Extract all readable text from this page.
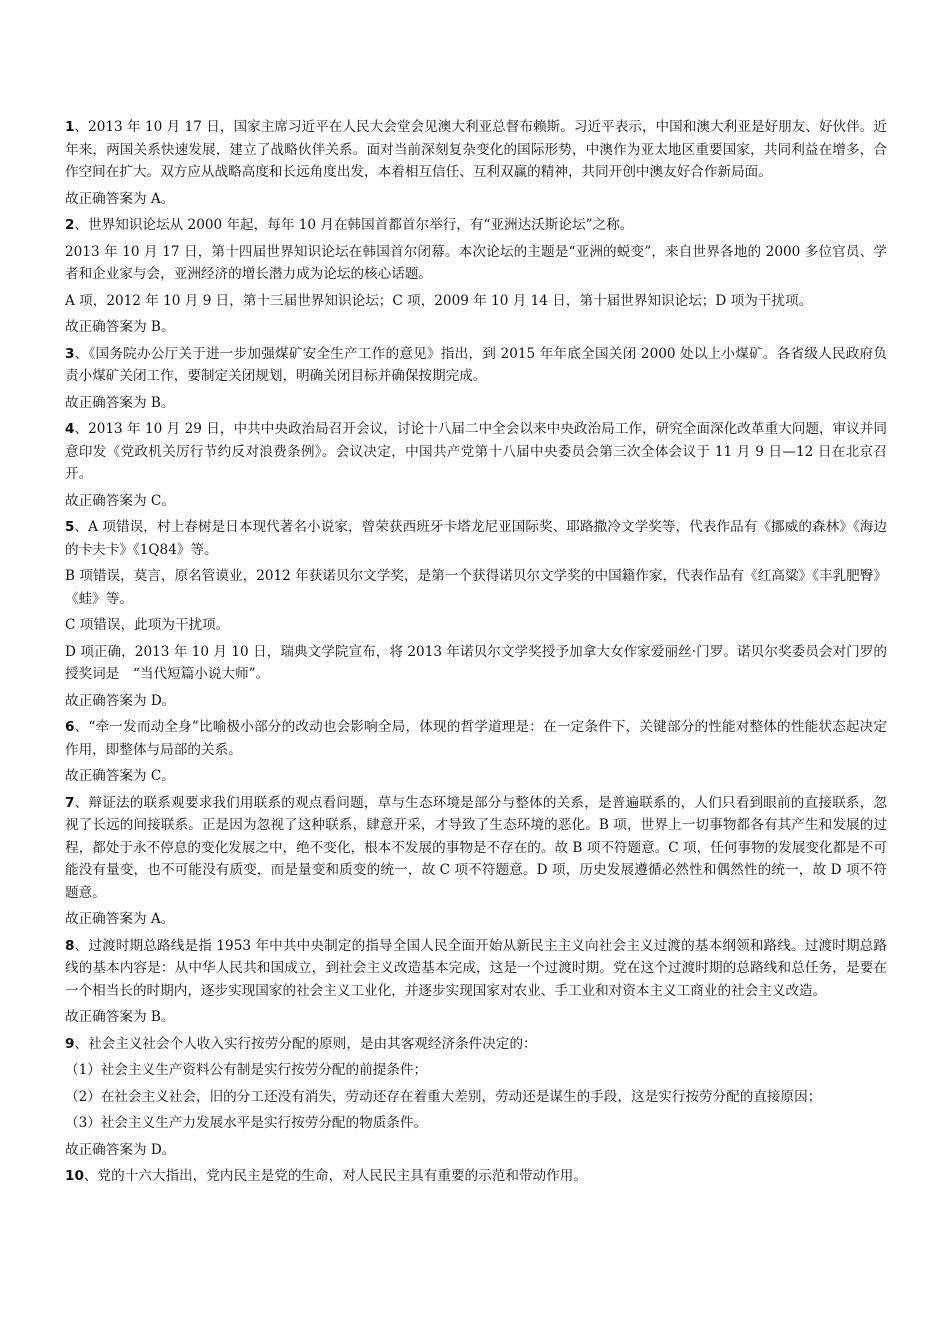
1、2013 年 10 月 17 日，国家主席习近平在人民大会堂会见澳大利亚总督布赖斯。习近平表示，中国和澳大利亚是好朋友、好伙伴。近年来，两国关系快速发展，建立了战略伙伴关系。面对当前深刻复杂变化的国际形势，中澳作为亚太地区重要国家，共同利益在增多，合作空间在扩大。双方应从战略高度和长远角度出发，本着相互信任、互利双赢的精神，共同开创中澳友好合作新局面。

故正确答案为 A。

2、世界知识论坛从 2000 年起，每年 10 月在韩国首都首尔举行，有“亚洲达沃斯论坛”之称。

2013 年 10 月 17 日，第十四届世界知识论坛在韩国首尔闭幕。本次论坛的主题是“亚洲的蜕变”，来自世界各地的 2000 多位官员、学者和企业家与会，亚洲经济的增长潜力成为论坛的核心话题。

A 项，2012 年 10 月 9 日，第十三届世界知识论坛；C 项，2009 年 10 月 14 日，第十届世界知识论坛；D 项为干扰项。

故正确答案为 B。

3、《国务院办公厅关于进一步加强煤矿安全生产工作的意见》指出，到 2015 年年底全国关闭 2000 处以上小煤矿。各省级人民政府负责小煤矿关闭工作，要制定关闭规划，明确关闭目标并确保按期完成。

故正确答案为 B。

4、2013 年 10 月 29 日，中共中央政治局召开会议，讨论十八届二中全会以来中央政治局工作，研究全面深化改革重大问题，审议并同意印发《党政机关厉行节约反对浪费条例》。会议决定，中国共产党第十八届中央委员会第三次全体会议于 11 月 9 日—12 日在北京召开。

故正确答案为 C。

5、A 项错误，村上春树是日本现代著名小说家，曾荣获西班牙卡塔龙尼亚国际奖、耶路撒冷文学奖等，代表作品有《挪威的森林》《海边的卡夫卡》《1Q84》等。

B 项错误，莫言，原名管谟业，2012 年获诺贝尔文学奖，是第一个获得诺贝尔文学奖的中国籍作家，代表作品有《红高粱》《丰乳肥臀》《蛙》等。

C 项错误，此项为干扰项。

D 项正确，2013 年 10 月 10 日，瑞典文学院宣布，将 2013 年诺贝尔文学奖授予加拿大女作家爱丽丝·门罗。诺贝尔奖委员会对门罗的授奖词是　“当代短篇小说大师”。

故正确答案为 D。

6、“牵一发而动全身”比喻极小部分的改动也会影响全局，体现的哲学道理是：在一定条件下，关键部分的性能对整体的性能状态起决定作用，即整体与局部的关系。

故正确答案为 C。

7、辩证法的联系观要求我们用联系的观点看问题，草与生态环境是部分与整体的关系，是普遍联系的，人们只看到眼前的直接联系，忽视了长远的间接联系。正是因为忽视了这种联系，肆意开采，才导致了生态环境的恶化。B 项，世界上一切事物都各有其产生和发展的过程，都处于永不停息的变化发展之中，绝不变化，根本不发展的事物是不存在的。故 B 项不符题意。C 项，任何事物的发展变化都是不可能没有量变，也不可能没有质变，而是量变和质变的统一，故 C 项不符题意。D 项，历史发展遵循必然性和偶然性的统一，故 D 项不符题意。

故正确答案为 A。

8、过渡时期总路线是指 1953 年中共中央制定的指导全国人民全面开始从新民主主义向社会主义过渡的基本纲领和路线。过渡时期总路线的基本内容是：从中华人民共和国成立，到社会主义改造基本完成，这是一个过渡时期。党在这个过渡时期的总路线和总任务，是要在一个相当长的时期内，逐步实现国家的社会主义工业化，并逐步实现国家对农业、手工业和对资本主义工商业的社会主义改造。

故正确答案为 B。

9、社会主义社会个人收入实行按劳分配的原则，是由其客观经济条件决定的：

（1）社会主义生产资料公有制是实行按劳分配的前提条件；

（2）在社会主义社会，旧的分工还没有消失，劳动还存在着重大差别，劳动还是谋生的手段，这是实行按劳分配的直接原因；

（3）社会主义生产力发展水平是实行按劳分配的物质条件。

故正确答案为 D。

10、党的十六大指出，党内民主是党的生命，对人民民主具有重要的示范和带动作用。
